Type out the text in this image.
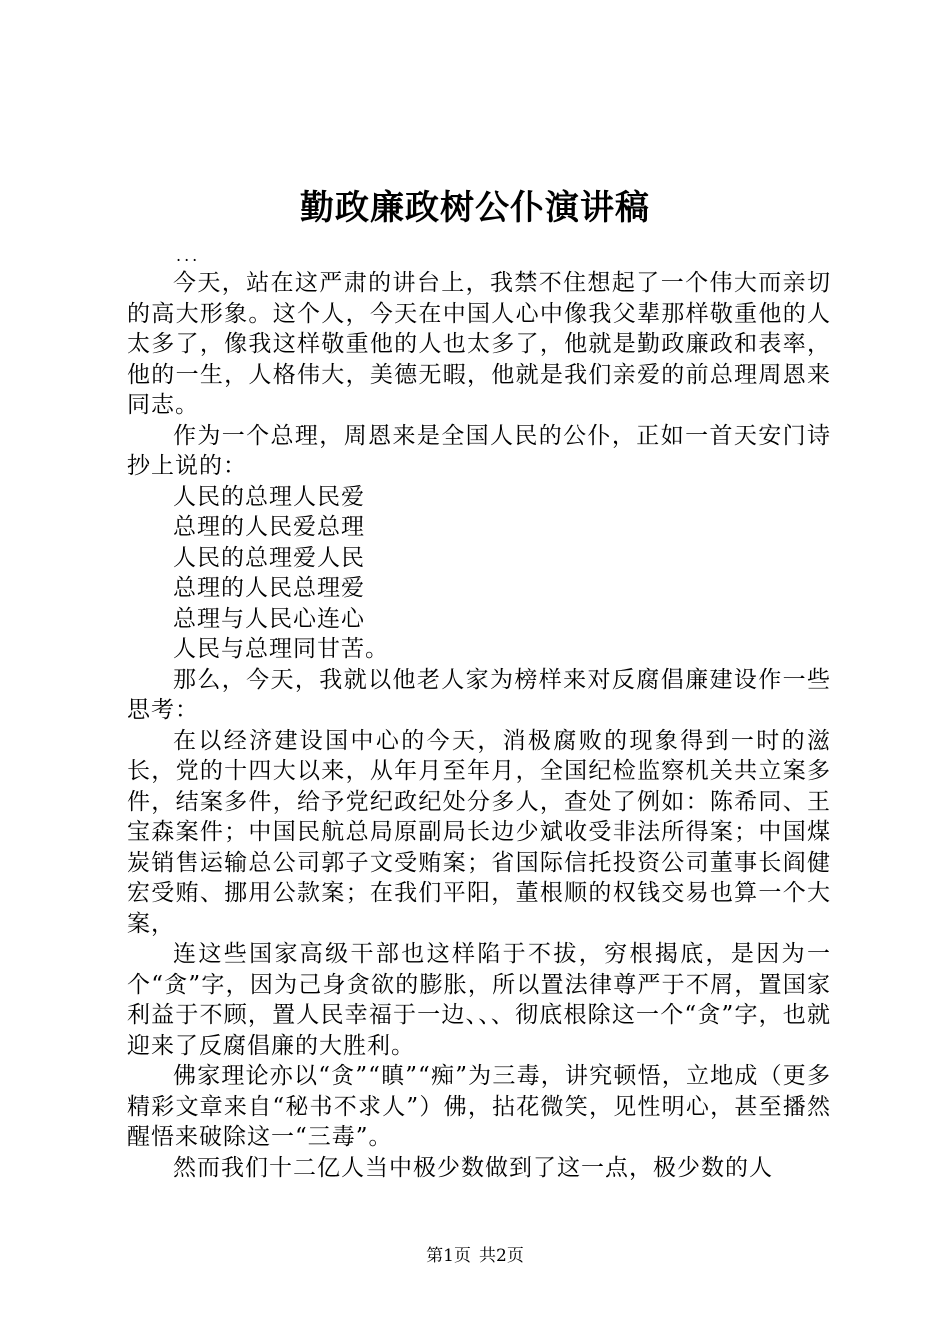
勤政廉政树公仆演讲稿
...

今天，站在这严肃的讲台上，我禁不住想起了一个伟大而亲切的高大形象。这个人，今天在中国人心中像我父辈那样敬重他的人太多了，像我这样敬重他的人也太多了，他就是勤政廉政和表率，他的一生，人格伟大，美德无暇，他就是我们亲爱的前总理周恩来同志。

作为一个总理，周恩来是全国人民的公仆，正如一首天安门诗抄上说的：

人民的总理人民爱

总理的人民爱总理

人民的总理爱人民

总理的人民总理爱

总理与人民心连心

人民与总理同甘苦。

那么，今天，我就以他老人家为榜样来对反腐倡廉建设作一些思考：

在以经济建设国中心的今天，消极腐败的现象得到一时的滋长，党的十四大以来，从年月至年月，全国纪检监察机关共立案多件，结案多件，给予党纪政纪处分多人，查处了例如：陈希同、王宝森案件；中国民航总局原副局长边少斌收受非法所得案；中国煤炭销售运输总公司郭子文受贿案；省国际信托投资公司董事长阎健宏受贿、挪用公款案；在我们平阳，董根顺的权钱交易也算一个大案，

连这些国家高级干部也这样陷于不拔，穷根揭底，是因为一个“贪”字，因为己身贪欲的膨胀，所以置法律尊严于不屑，置国家利益于不顾，置人民幸福于一边、、、彻底根除这一个“贪”字，也就迎来了反腐倡廉的大胜利。

佛家理论亦以“贪”“瞋”“痴”为三毒，讲究顿悟，立地成（更多精彩文章来自“秘书不求人”）佛，拈花微笑，见性明心，甚至播然醒悟来破除这一“三毒”。

然而我们十二亿人当中极少数做到了这一点，极少数的人

第1页 共2页
